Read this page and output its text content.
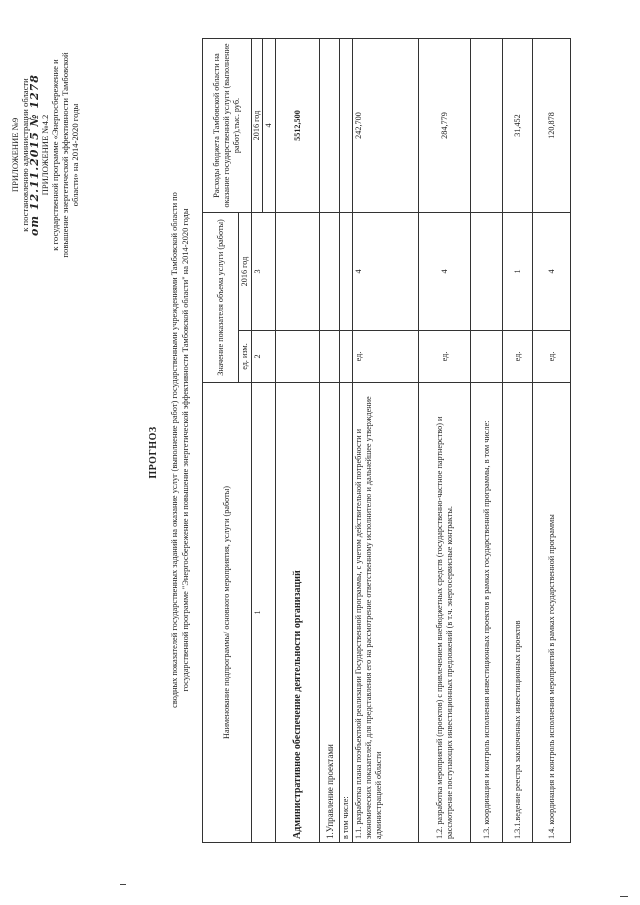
ПРИЛОЖЕНИЕ №9 к постановлению администрации области
от 12.11.2015 № 1278 ПРИЛОЖЕНИЕ №4.2 к государственной программе «Энергосбережение и повышение энергетической эффективности Тамбовской области» на 2014-2020 годы
ПРОГНОЗ сводных показателей государственных заданий на оказание услуг (выполнение работ) государственными учреждениями Тамбовской области по государственной программе "Энергосбережение и повышение энергетической эффективности Тамбовской области" на 2014-2020 годы	Наименование подпрограммы/ основного мероприятия, услуги (работы)	Значение показателя объема услуги (работы)		Расходы бюджета Тамбовской области на оказание государственной услуги (выполнение работ),тыс. руб.
	ед. изм.	2016 год	
1	2	3	2016 год 4
Административное обеспечение деятельности организаций			5512,500
1.Управление проектами			
в том числе:			
1.1. разработка плана поэбъектной реализации Государственной программы, с учетом действительной потребности и экономических показателей, для представления его на рассмотрение ответственному исполнителю и дальнейшее утверждение администрацией области	ед.	4	242,700
1.2. разработка мероприятий (проектов) с привлечением внебюджетных средств (государственно-частное партнерство) и рассмотрение поступающих инвестиционных предложений (в т.ч. энергосервисные контракты.	ед.	4	284,779
1.3. координация и контроль исполнения инвестиционных проектов в рамках государственной программы, в том числе:			
1.3.1.ведение реестра заключенных инвестиционных проектов	ед.	1	31,452
1.4. координация и контроль исполнения мероприятий в рамках государственной программы	ед.	4	120,878
